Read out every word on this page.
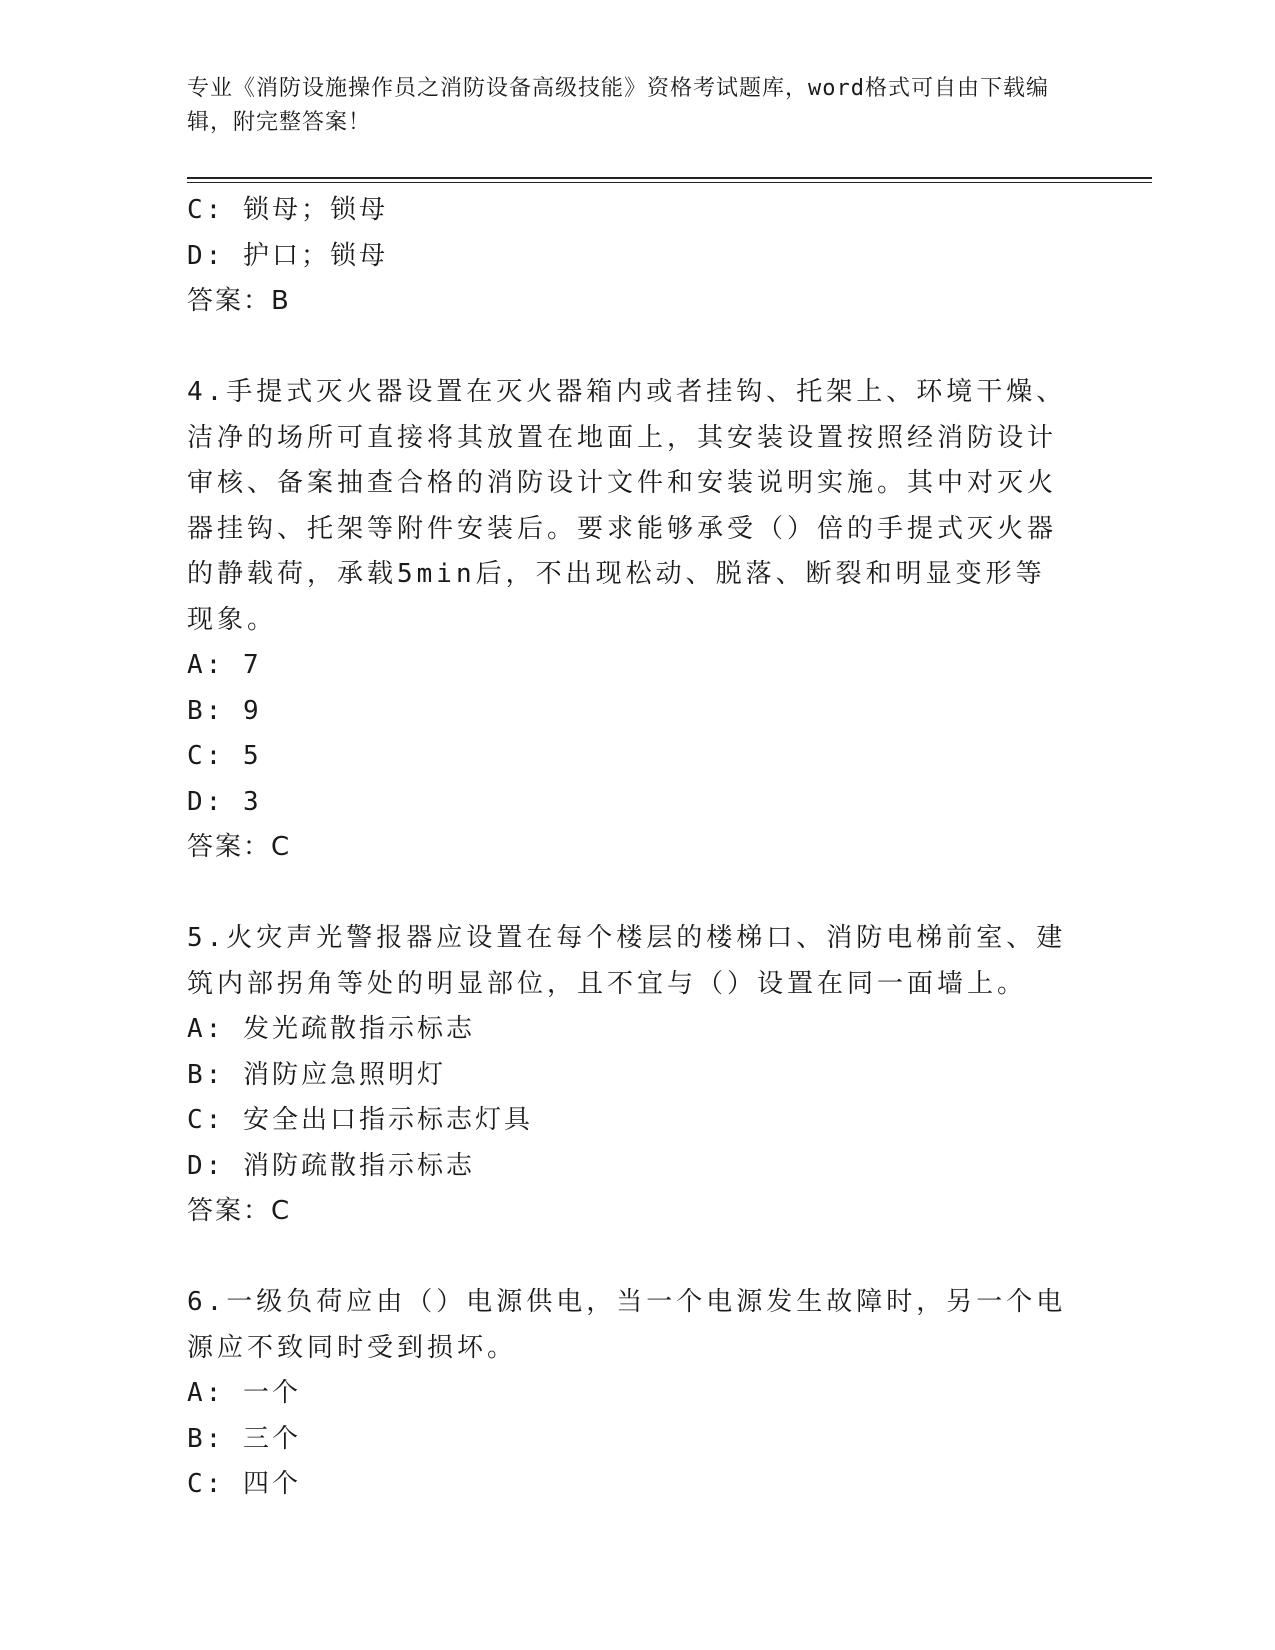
专业《消防设施操作员之消防设备高级技能》资格考试题库，word格式可自由下载编辑，附完整答案！
C: 锁母；锁母
D: 护口；锁母
答案：B
4.手提式灭火器设置在灭火器箱内或者挂钩、托架上、环境干燥、洁净的场所可直接将其放置在地面上，其安装设置按照经消防设计审核、备案抽查合格的消防设计文件和安装说明实施。其中对灭火器挂钩、托架等附件安装后。要求能够承受（）倍的手提式灭火器的静载荷，承载5min后，不出现松动、脱落、断裂和明显变形等现象。
A: 7
B: 9
C: 5
D: 3
答案：C
5.火灾声光警报器应设置在每个楼层的楼梯口、消防电梯前室、建筑内部拐角等处的明显部位，且不宜与（）设置在同一面墙上。
A: 发光疏散指示标志
B: 消防应急照明灯
C: 安全出口指示标志灯具
D: 消防疏散指示标志
答案：C
6.一级负荷应由（）电源供电，当一个电源发生故障时，另一个电源应不致同时受到损坏。
A: 一个
B: 三个
C: 四个
